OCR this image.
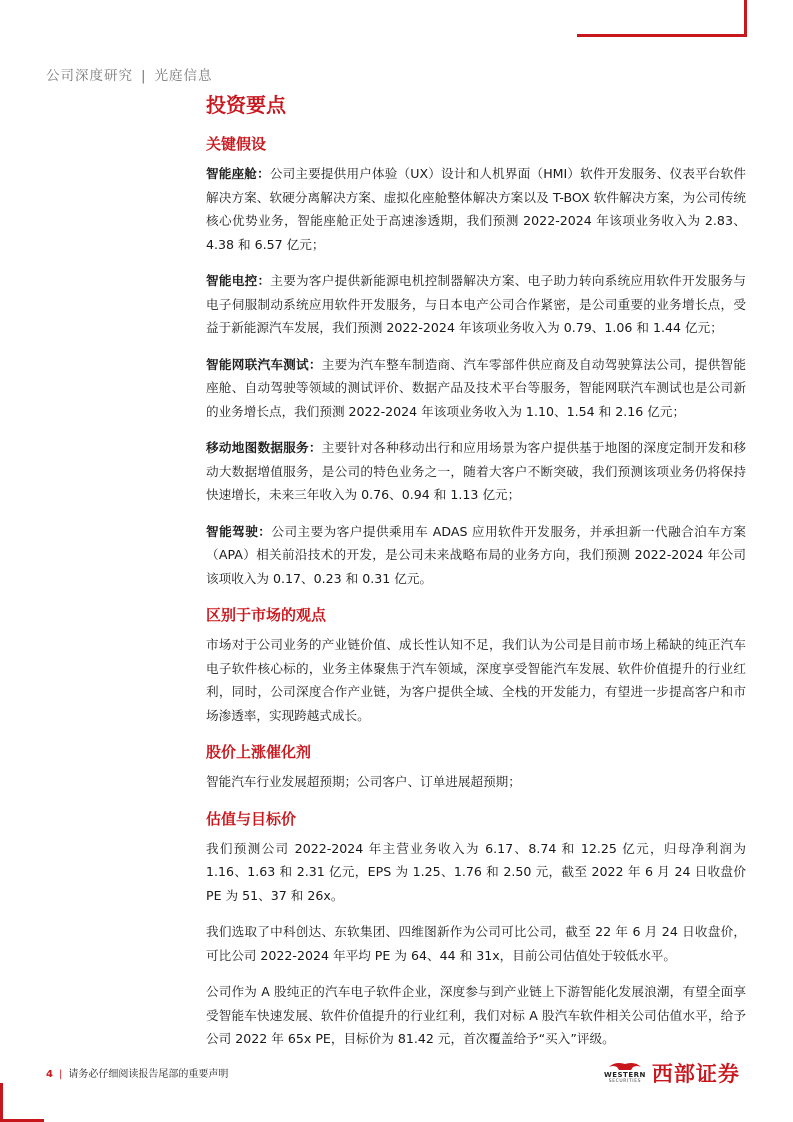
公司深度研究 | 光庭信息
投资要点
关键假设

智能座舱：公司主要提供用户体验（UX）设计和人机界面（HMI）软件开发服务、仪表平台软件解决方案、软硬分离解决方案、虚拟化座舱整体解决方案以及 T-BOX 软件解决方案，为公司传统核心优势业务，智能座舱正处于高速渗透期，我们预测 2022-2024 年该项业务收入为 2.83、4.38 和 6.57 亿元；

智能电控：主要为客户提供新能源电机控制器解决方案、电子助力转向系统应用软件开发服务与电子伺服制动系统应用软件开发服务，与日本电产公司合作紧密，是公司重要的业务增长点，受益于新能源汽车发展，我们预测 2022-2024 年该项业务收入为 0.79、1.06 和 1.44 亿元；

智能网联汽车测试：主要为汽车整车制造商、汽车零部件供应商及自动驾驶算法公司，提供智能座舱、自动驾驶等领域的测试评价、数据产品及技术平台等服务，智能网联汽车测试也是公司新的业务增长点，我们预测 2022-2024 年该项业务收入为 1.10、1.54 和 2.16 亿元；

移动地图数据服务：主要针对各种移动出行和应用场景为客户提供基于地图的深度定制开发和移动大数据增值服务，是公司的特色业务之一，随着大客户不断突破，我们预测该项业务仍将保持快速增长，未来三年收入为 0.76、0.94 和 1.13 亿元；

智能驾驶：公司主要为客户提供乘用车 ADAS 应用软件开发服务，并承担新一代融合泊车方案（APA）相关前沿技术的开发，是公司未来战略布局的业务方向，我们预测 2022-2024 年公司该项收入为 0.17、0.23 和 0.31 亿元。

区别于市场的观点

市场对于公司业务的产业链价值、成长性认知不足，我们认为公司是目前市场上稀缺的纯正汽车电子软件核心标的，业务主体聚焦于汽车领域，深度享受智能汽车发展、软件价值提升的行业红利，同时，公司深度合作产业链，为客户提供全域、全栈的开发能力，有望进一步提高客户和市场渗透率，实现跨越式成长。

股价上涨催化剂

智能汽车行业发展超预期；公司客户、订单进展超预期；

估值与目标价

我们预测公司 2022-2024 年主营业务收入为 6.17、8.74 和 12.25 亿元，归母净利润为 1.16、1.63 和 2.31 亿元，EPS 为 1.25、1.76 和 2.50 元，截至 2022 年 6 月 24 日收盘价 PE 为 51、37 和 26x。

我们选取了中科创达、东软集团、四维图新作为公司可比公司，截至 22 年 6 月 24 日收盘价，可比公司 2022-2024 年平均 PE 为 64、44 和 31x，目前公司估值处于较低水平。

公司作为 A 股纯正的汽车电子软件企业，深度参与到产业链上下游智能化发展浪潮，有望全面享受智能车快速发展、软件价值提升的行业红利，我们对标 A 股汽车软件相关公司估值水平，给予公司 2022 年 65x PE，目标价为 81.42 元，首次覆盖给予“买入”评级。

4 | 请务必仔细阅读报告尾部的重要声明	WESTERN
SECURITIES 西部证券
